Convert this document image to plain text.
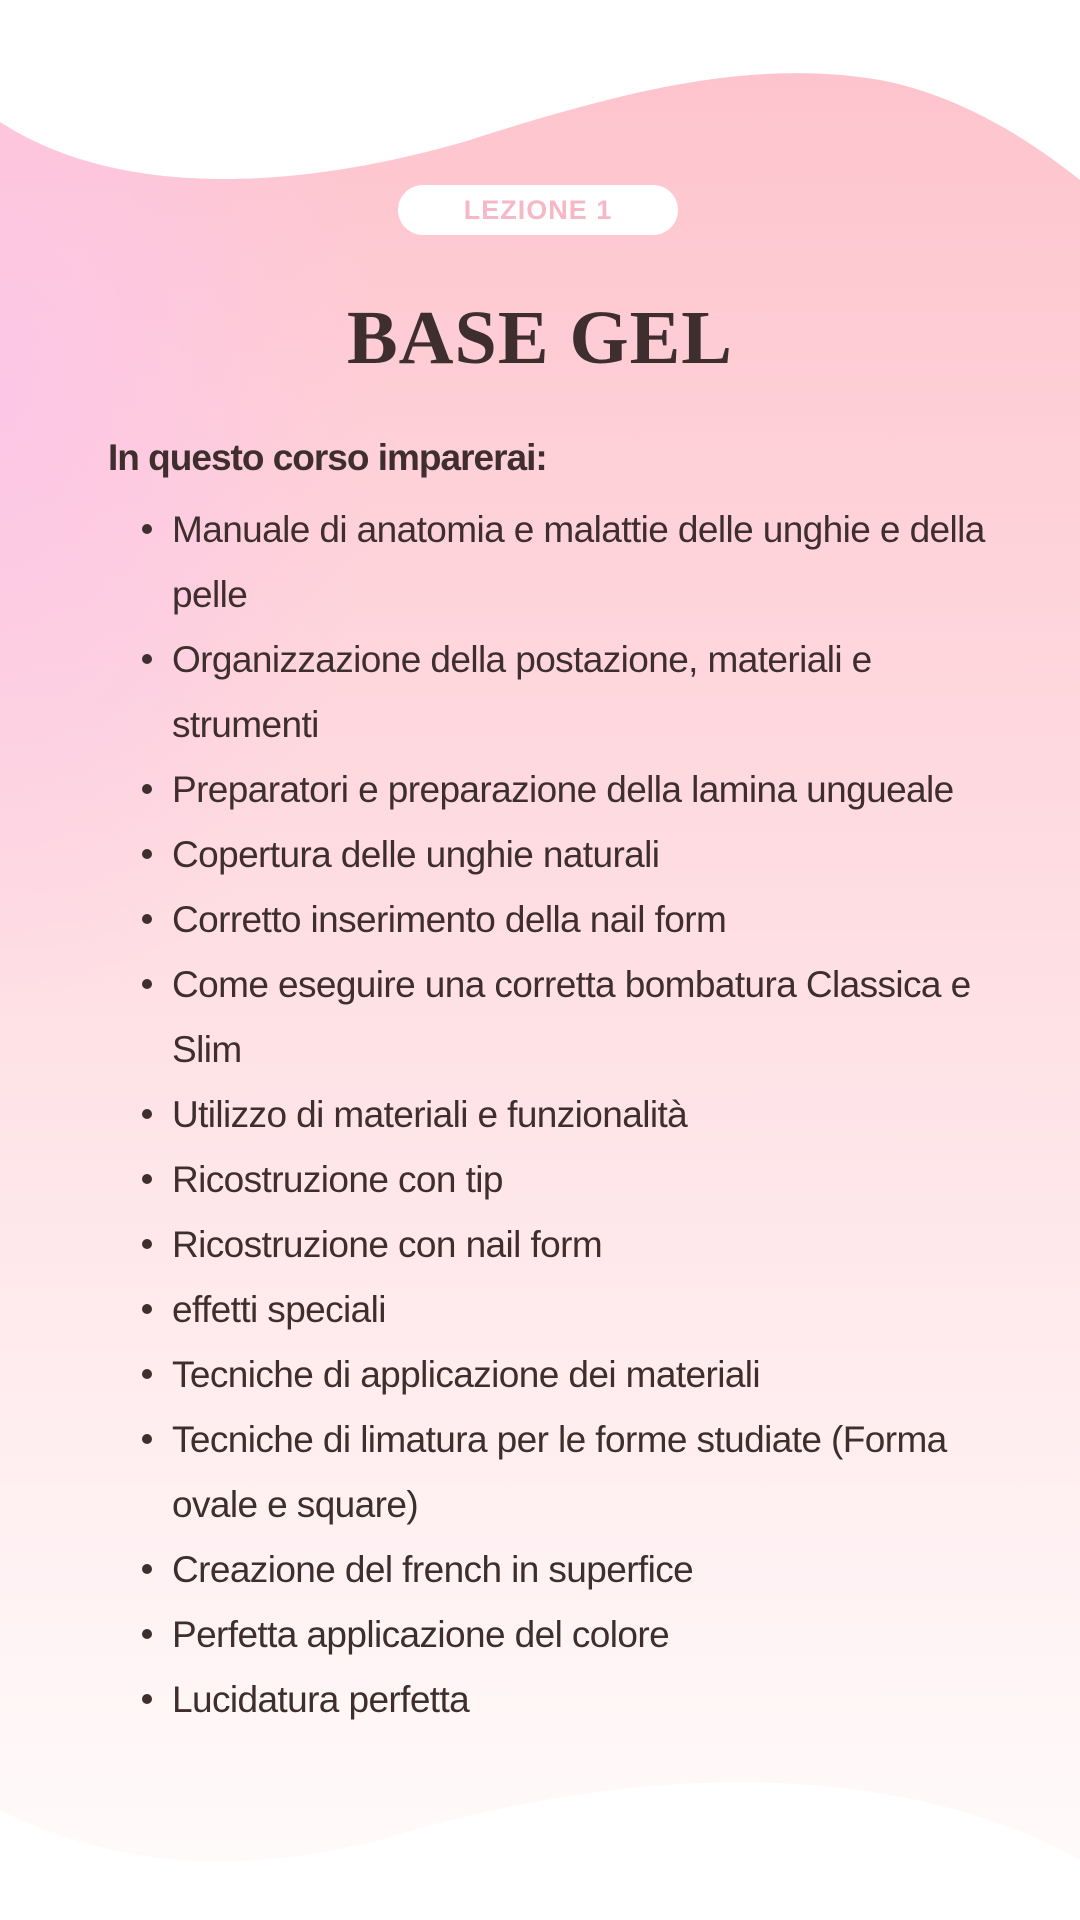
LEZIONE 1
BASE GEL

In questo corso imparerai:

Manuale di anatomia e malattie delle unghie e della pelle
Organizzazione della postazione, materiali e strumenti
Preparatori e preparazione della lamina ungueale
Copertura delle unghie naturali
Corretto inserimento della nail form
Come eseguire una corretta bombatura Classica e Slim
Utilizzo di materiali e funzionalità
Ricostruzione con tip
Ricostruzione con nail form
effetti speciali
Tecniche di applicazione dei materiali
Tecniche di limatura per le forme studiate (Forma ovale e square)
Creazione del french in superfice
Perfetta applicazione del colore
Lucidatura perfetta
